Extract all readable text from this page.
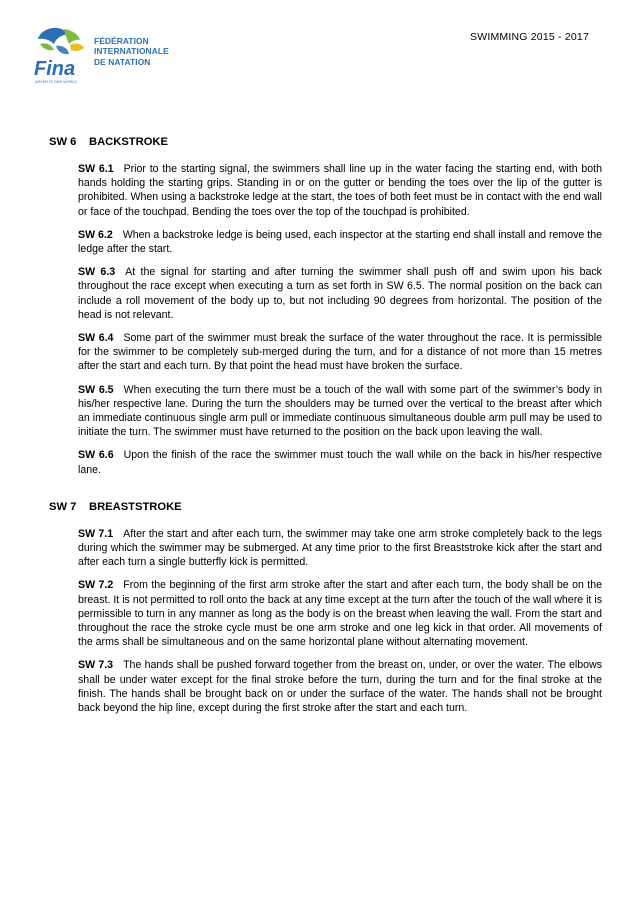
SWIMMING 2015 - 2017
Fina
FÉDÉRATION
INTERNATIONALE
DE NATATION
WATER IS OUR WORLD
SW 6 BACKSTROKE

SW 6.1 Prior to the starting signal, the swimmers shall line up in the water facing the starting end, with both hands holding the starting grips. Standing in or on the gutter or bending the toes over the lip of the gutter is prohibited. When using a backstroke ledge at the start, the toes of both feet must be in contact with the end wall or face of the touchpad. Bending the toes over the top of the touchpad is prohibited.

SW 6.2 When a backstroke ledge is being used, each inspector at the starting end shall install and remove the ledge after the start.

SW 6.3 At the signal for starting and after turning the swimmer shall push off and swim upon his back throughout the race except when executing a turn as set forth in SW 6.5. The normal position on the back can include a roll movement of the body up to, but not including 90 degrees from horizontal. The position of the head is not relevant.

SW 6.4 Some part of the swimmer must break the surface of the water throughout the race. It is permissible for the swimmer to be completely sub-merged during the turn, and for a distance of not more than 15 metres after the start and each turn. By that point the head must have broken the surface.

SW 6.5 When executing the turn there must be a touch of the wall with some part of the swimmer’s body in his/her respective lane. During the turn the shoulders may be turned over the vertical to the breast after which an immediate continuous single arm pull or immediate continuous simultaneous double arm pull may be used to initiate the turn. The swimmer must have returned to the position on the back upon leaving the wall.

SW 6.6 Upon the finish of the race the swimmer must touch the wall while on the back in his/her respective lane.

SW 7 BREASTSTROKE

SW 7.1 After the start and after each turn, the swimmer may take one arm stroke completely back to the legs during which the swimmer may be submerged. At any time prior to the first Breaststroke kick after the start and after each turn a single butterfly kick is permitted.

SW 7.2 From the beginning of the first arm stroke after the start and after each turn, the body shall be on the breast. It is not permitted to roll onto the back at any time except at the turn after the touch of the wall where it is permissible to turn in any manner as long as the body is on the breast when leaving the wall. From the start and throughout the race the stroke cycle must be one arm stroke and one leg kick in that order. All movements of the arms shall be simultaneous and on the same horizontal plane without alternating movement.

SW 7.3 The hands shall be pushed forward together from the breast on, under, or over the water. The elbows shall be under water except for the final stroke before the turn, during the turn and for the final stroke at the finish. The hands shall be brought back on or under the surface of the water. The hands shall not be brought back beyond the hip line, except during the first stroke after the start and each turn.
